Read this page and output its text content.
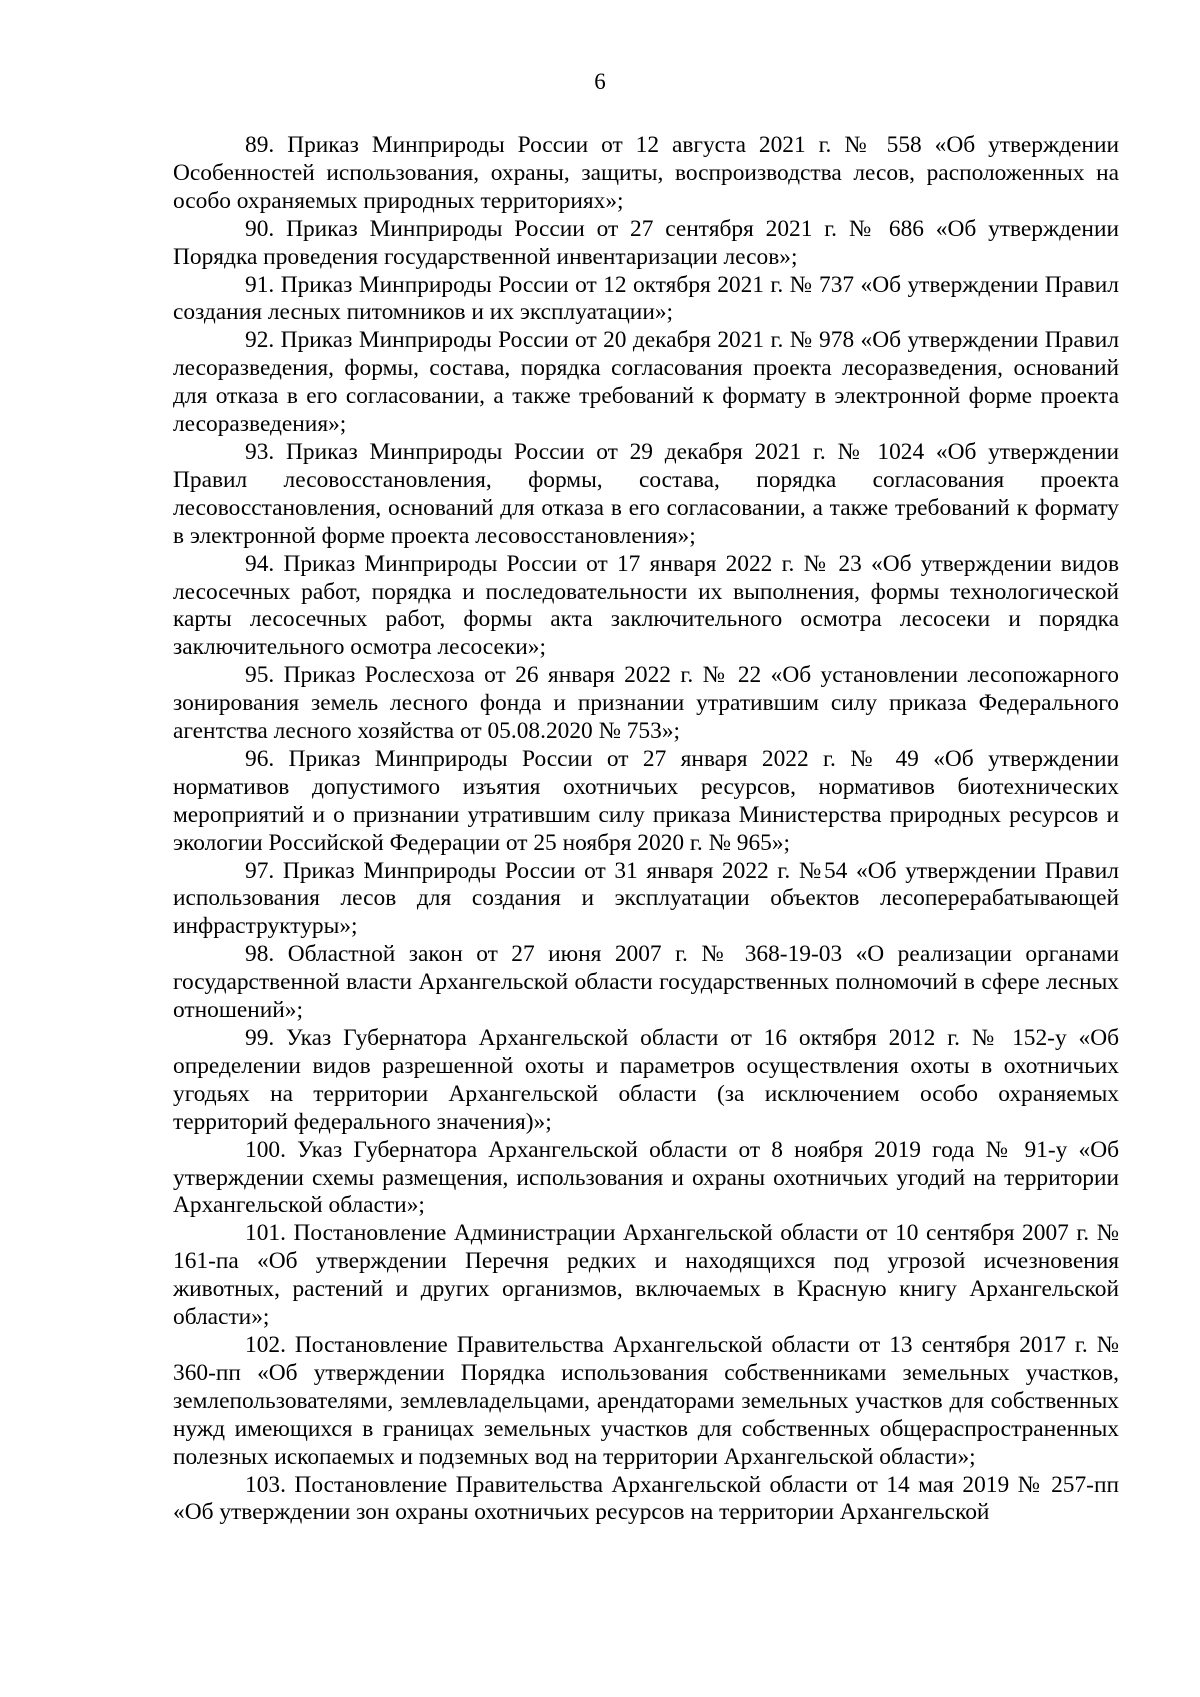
6

89. Приказ Минприроды России от 12 августа 2021 г. № 558 «Об утверждении Особенностей использования, охраны, защиты, воспроизводства лесов, расположенных на особо охраняемых природных территориях»;

90. Приказ Минприроды России от 27 сентября 2021 г. № 686 «Об утверждении Порядка проведения государственной инвентаризации лесов»;

91. Приказ Минприроды России от 12 октября 2021 г. № 737 «Об утверждении Правил создания лесных питомников и их эксплуатации»;

92. Приказ Минприроды России от 20 декабря 2021 г. № 978 «Об утверждении Правил лесоразведения, формы, состава, порядка согласования проекта лесоразведения, оснований для отказа в его согласовании, а также требований к формату в электронной форме проекта лесоразведения»;

93. Приказ Минприроды России от 29 декабря 2021 г. № 1024 «Об утверждении Правил лесовосстановления, формы, состава, порядка согласования проекта лесовосстановления, оснований для отказа в его согласовании, а также требований к формату в электронной форме проекта лесовосстановления»;

94. Приказ Минприроды России от 17 января 2022 г. № 23 «Об утверждении видов лесосечных работ, порядка и последовательности их выполнения, формы технологической карты лесосечных работ, формы акта заключительного осмотра лесосеки и порядка заключительного осмотра лесосеки»;

95. Приказ Рослесхоза от 26 января 2022 г. № 22 «Об установлении лесопожарного зонирования земель лесного фонда и признании утратившим силу приказа Федерального агентства лесного хозяйства от 05.08.2020 № 753»;

96. Приказ Минприроды России от 27 января 2022 г. № 49 «Об утверждении нормативов допустимого изъятия охотничьих ресурсов, нормативов биотехнических мероприятий и о признании утратившим силу приказа Министерства природных ресурсов и экологии Российской Федерации от 25 ноября 2020 г. № 965»;

97. Приказ Минприроды России от 31 января 2022 г. №54 «Об утверждении Правил использования лесов для создания и эксплуатации объектов лесоперерабатывающей инфраструктуры»;

98. Областной закон от 27 июня 2007 г. № 368-19-03 «О реализации органами государственной власти Архангельской области государственных полномочий в сфере лесных отношений»;

99. Указ Губернатора Архангельской области от 16 октября 2012 г. № 152-у «Об определении видов разрешенной охоты и параметров осуществления охоты в охотничьих угодьях на территории Архангельской области (за исключением особо охраняемых территорий федерального значения)»;

100. Указ Губернатора Архангельской области от 8 ноября 2019 года № 91-у «Об утверждении схемы размещения, использования и охраны охотничьих угодий на территории Архангельской области»;

101. Постановление Администрации Архангельской области от 10 сентября 2007 г. № 161-па «Об утверждении Перечня редких и находящихся под угрозой исчезновения животных, растений и других организмов, включаемых в Красную книгу Архангельской области»;

102. Постановление Правительства Архангельской области от 13 сентября 2017 г. № 360-пп «Об утверждении Порядка использования собственниками земельных участков, землепользователями, землевладельцами, арендаторами земельных участков для собственных нужд имеющихся в границах земельных участков для собственных общераспространенных полезных ископаемых и подземных вод на территории Архангельской области»;

103. Постановление Правительства Архангельской области от 14 мая 2019 № 257-пп «Об утверждении зон охраны охотничьих ресурсов на территории Архангельской
